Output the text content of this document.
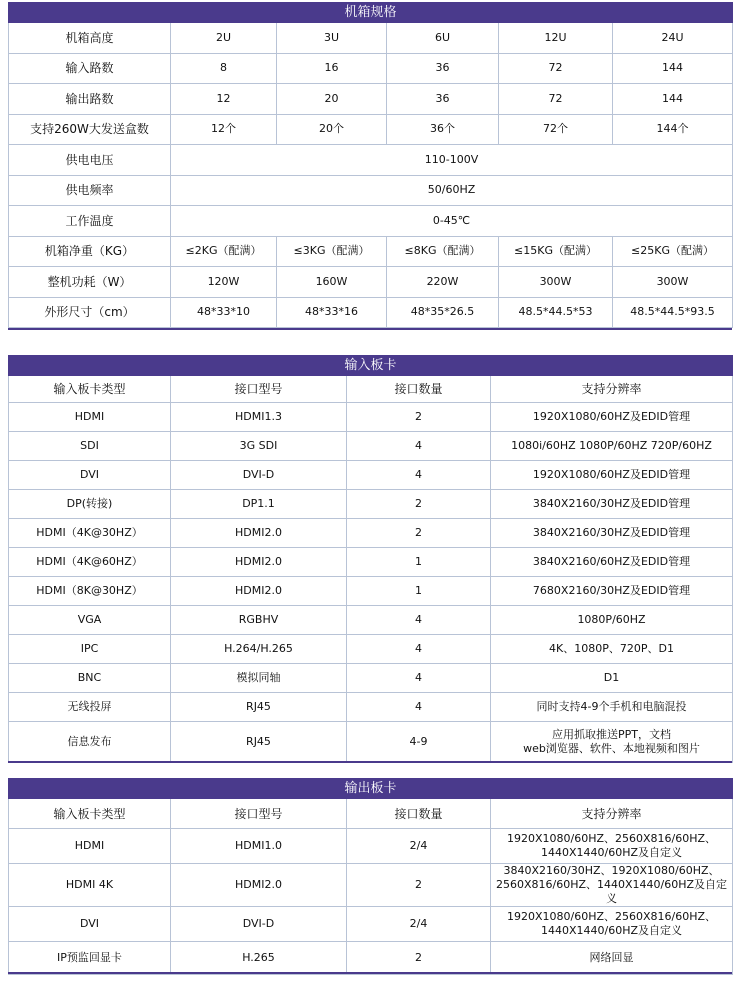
机箱规格					
机箱高度	2U	3U	6U	12U	24U
输入路数	8	16	36	72	144
输出路数	12	20	36	72	144
支持260W大发送盒数	12个	20个	36个	72个	144个
供电电压	110-100V				
供电频率	50/60HZ				
工作温度	0-45℃				
机箱净重（KG）	≤2KG（配满）	≤3KG（配满）	≤8KG（配满）	≤15KG（配满）	≤25KG（配满）
整机功耗（W）	120W	160W	220W	300W	300W
外形尺寸（cm）	48*33*10	48*33*16	48*35*26.5	48.5*44.5*53	48.5*44.5*93.5
输入板卡			
输入板卡类型	接口型号	接口数量	支持分辨率
HDMI	HDMI1.3	2	1920X1080/60HZ及EDID管理
SDI	3G SDI	4	1080i/60HZ 1080P/60HZ 720P/60HZ
DVI	DVI-D	4	1920X1080/60HZ及EDID管理
DP(转接)	DP1.1	2	3840X2160/30HZ及EDID管理
HDMI（4K@30HZ）	HDMI2.0	2	3840X2160/30HZ及EDID管理
HDMI（4K@60HZ）	HDMI2.0	1	3840X2160/60HZ及EDID管理
HDMI（8K@30HZ）	HDMI2.0	1	7680X2160/30HZ及EDID管理
VGA	RGBHV	4	1080P/60HZ
IPC	H.264/H.265	4	4K、1080P、720P、D1
BNC	模拟同轴	4	D1
无线投屏	RJ45	4	同时支持4-9个手机和电脑混投
信息发布	RJ45	4-9	应用抓取推送PPT，文档
web浏览器、软件、本地视频和图片
输出板卡			
输入板卡类型	接口型号	接口数量	支持分辨率
HDMI	HDMI1.0	2/4	1920X1080/60HZ、2560X816/60HZ、
1440X1440/60HZ及自定义
HDMI 4K	HDMI2.0	2	3840X2160/30HZ、1920X1080/60HZ、
2560X816/60HZ、1440X1440/60HZ及自定义
DVI	DVI-D	2/4	1920X1080/60HZ、2560X816/60HZ、
1440X1440/60HZ及自定义
IP预监回显卡	H.265	2	网络回显
